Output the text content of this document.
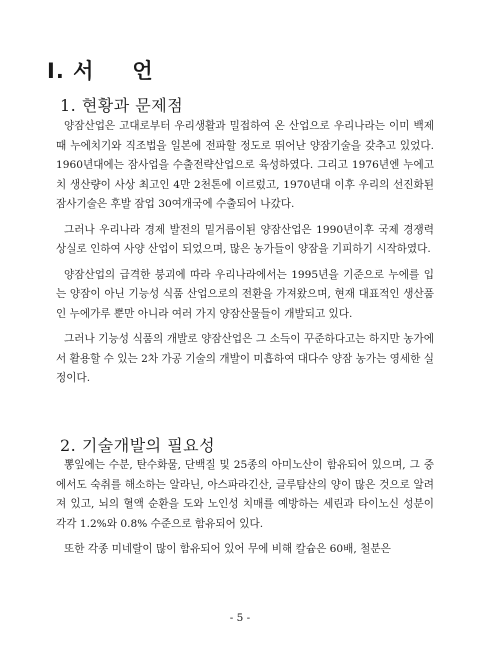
Ⅰ. 서 언
1. 현황과 문제점

양잠산업은 고대로부터 우리생활과 밀접하여 온 산업으로 우리나라는 이미 백제 때 누에치기와 직조법을 일본에 전파할 정도로 뛰어난 양잠기술을 갖추고 있었다. 1960년대에는 잠사업을 수출전략산업으로 육성하였다. 그리고 1976년엔 누에고치 생산량이 사상 최고인 4만 2천톤에 이르렀고, 1970년대 이후 우리의 선진화된 잠사기술은 후발 잠업 30여개국에 수출되어 나갔다.

그러나 우리나라 경제 발전의 밑거름이된 양잠산업은 1990년이후 국제 경쟁력 상실로 인하여 사양 산업이 되었으며, 많은 농가들이 양잠을 기피하기 시작하였다.

양잠산업의 급격한 붕괴에 따라 우리나라에서는 1995년을 기준으로 누에를 입는 양잠이 아닌 기능성 식품 산업으로의 전환을 가져왔으며, 현재 대표적인 생산품인 누에가루 뿐만 아니라 여러 가지 양잠산물들이 개발되고 있다.

그러나 기능성 식품의 개발로 양잠산업은 그 소득이 꾸준하다고는 하지만 농가에서 활용할 수 있는 2차 가공 기술의 개발이 미흡하여 대다수 양잠 농가는 영세한 실정이다.

2. 기술개발의 필요성

뽕잎에는 수분, 탄수화물, 단백질 및 25종의 아미노산이 함유되어 있으며, 그 중에서도 숙취를 해소하는 알라닌, 아스파라긴산, 글루탐산의 양이 많은 것으로 알려져 있고, 뇌의 혈액 순환을 도와 노인성 치매를 예방하는 세린과 타이노신 성분이 각각 1.2%와 0.8% 수준으로 함유되어 있다.

또한 각종 미네랄이 많이 함유되어 있어 무에 비해 칼슘은 60배, 철분은

- 5 -
